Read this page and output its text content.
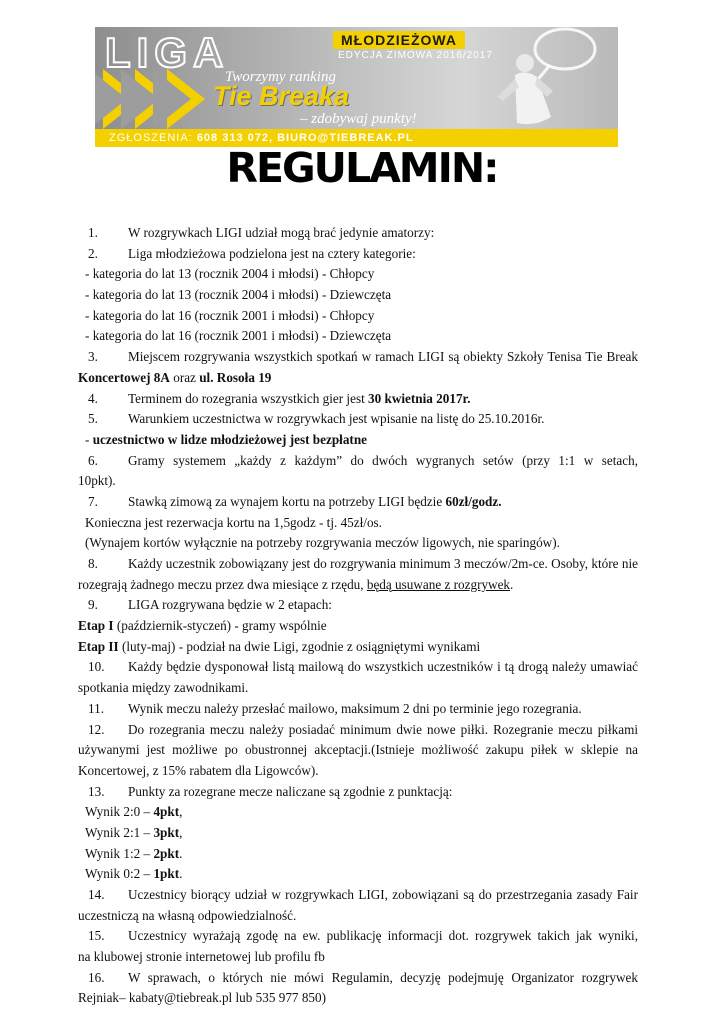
LIGA	MŁODZIEŻOWA
EDYCJA ZIMOWA 2016/2017
Tworzymy ranking
Tie Breaka
– zdobywaj punkty!
ZGŁOSZENIA: 608 313 072, BIURO@TIEBREAK.PL
REGULAMIN:
1. W rozgrywkach LIGI udział mogą brać jedynie amatorzy:
2. Liga młodzieżowa podzielona jest na cztery kategorie:
- kategoria do lat 13 (rocznik 2004 i młodsi) - Chłopcy
- kategoria do lat 13 (rocznik 2004 i młodsi) - Dziewczęta
- kategoria do lat 16 (rocznik 2001 i młodsi) - Chłopcy
- kategoria do lat 16 (rocznik 2001 i młodsi) - Dziewczęta
3. Miejscem rozgrywania wszystkich spotkań w ramach LIGI są obiekty Szkoły Tenisa Tie Break
Koncertowej 8A oraz ul. Rosoła 19
4. Terminem do rozegrania wszystkich gier jest 30 kwietnia 2017r.
5. Warunkiem uczestnictwa w rozgrywkach jest wpisanie na listę do 25.10.2016r.
- uczestnictwo w lidze młodzieżowej jest bezpłatne
6. Gramy systemem „każdy z każdym” do dwóch wygranych setów (przy 1:1 w setach,
10pkt).
7. Stawką zimową za wynajem kortu na potrzeby LIGI będzie 60zł/godz.
Konieczna jest rezerwacja kortu na 1,5godz - tj. 45zł/os.
(Wynajem kortów wyłącznie na potrzeby rozgrywania meczów ligowych, nie sparingów).
8. Każdy uczestnik zobowiązany jest do rozgrywania minimum 3 meczów/2m-ce. Osoby, które nie
rozegrają żadnego meczu przez dwa miesiące z rzędu, będą usuwane z rozgrywek.
9. LIGA rozgrywana będzie w 2 etapach:
Etap I (październik-styczeń) - gramy wspólnie
Etap II (luty-maj) - podział na dwie Ligi, zgodnie z osiągniętymi wynikami
10. Każdy będzie dysponował listą mailową do wszystkich uczestników i tą drogą należy umawiać
spotkania między zawodnikami.
11. Wynik meczu należy przesłać mailowo, maksimum 2 dni po terminie jego rozegrania.
12. Do rozegrania meczu należy posiadać minimum dwie nowe piłki. Rozegranie meczu piłkami
używanymi jest możliwe po obustronnej akceptacji.(Istnieje możliwość zakupu piłek w sklepie na
Koncertowej, z 15% rabatem dla Ligowców).
13. Punkty za rozegrane mecze naliczane są zgodnie z punktacją:
Wynik 2:0 – 4pkt,
Wynik 2:1 – 3pkt,
Wynik 1:2 – 2pkt.
Wynik 0:2 – 1pkt.
14. Uczestnicy biorący udział w rozgrywkach LIGI, zobowiązani są do przestrzegania zasady Fair
uczestniczą na własną odpowiedzialność.
15. Uczestnicy wyrażają zgodę na ew. publikację informacji dot. rozgrywek takich jak wyniki,
na klubowej stronie internetowej lub profilu fb
16. W sprawach, o których nie mówi Regulamin, decyzję podejmuję Organizator rozgrywek
Rejniak– kabaty@tiebreak.pl lub 535 977 850)
